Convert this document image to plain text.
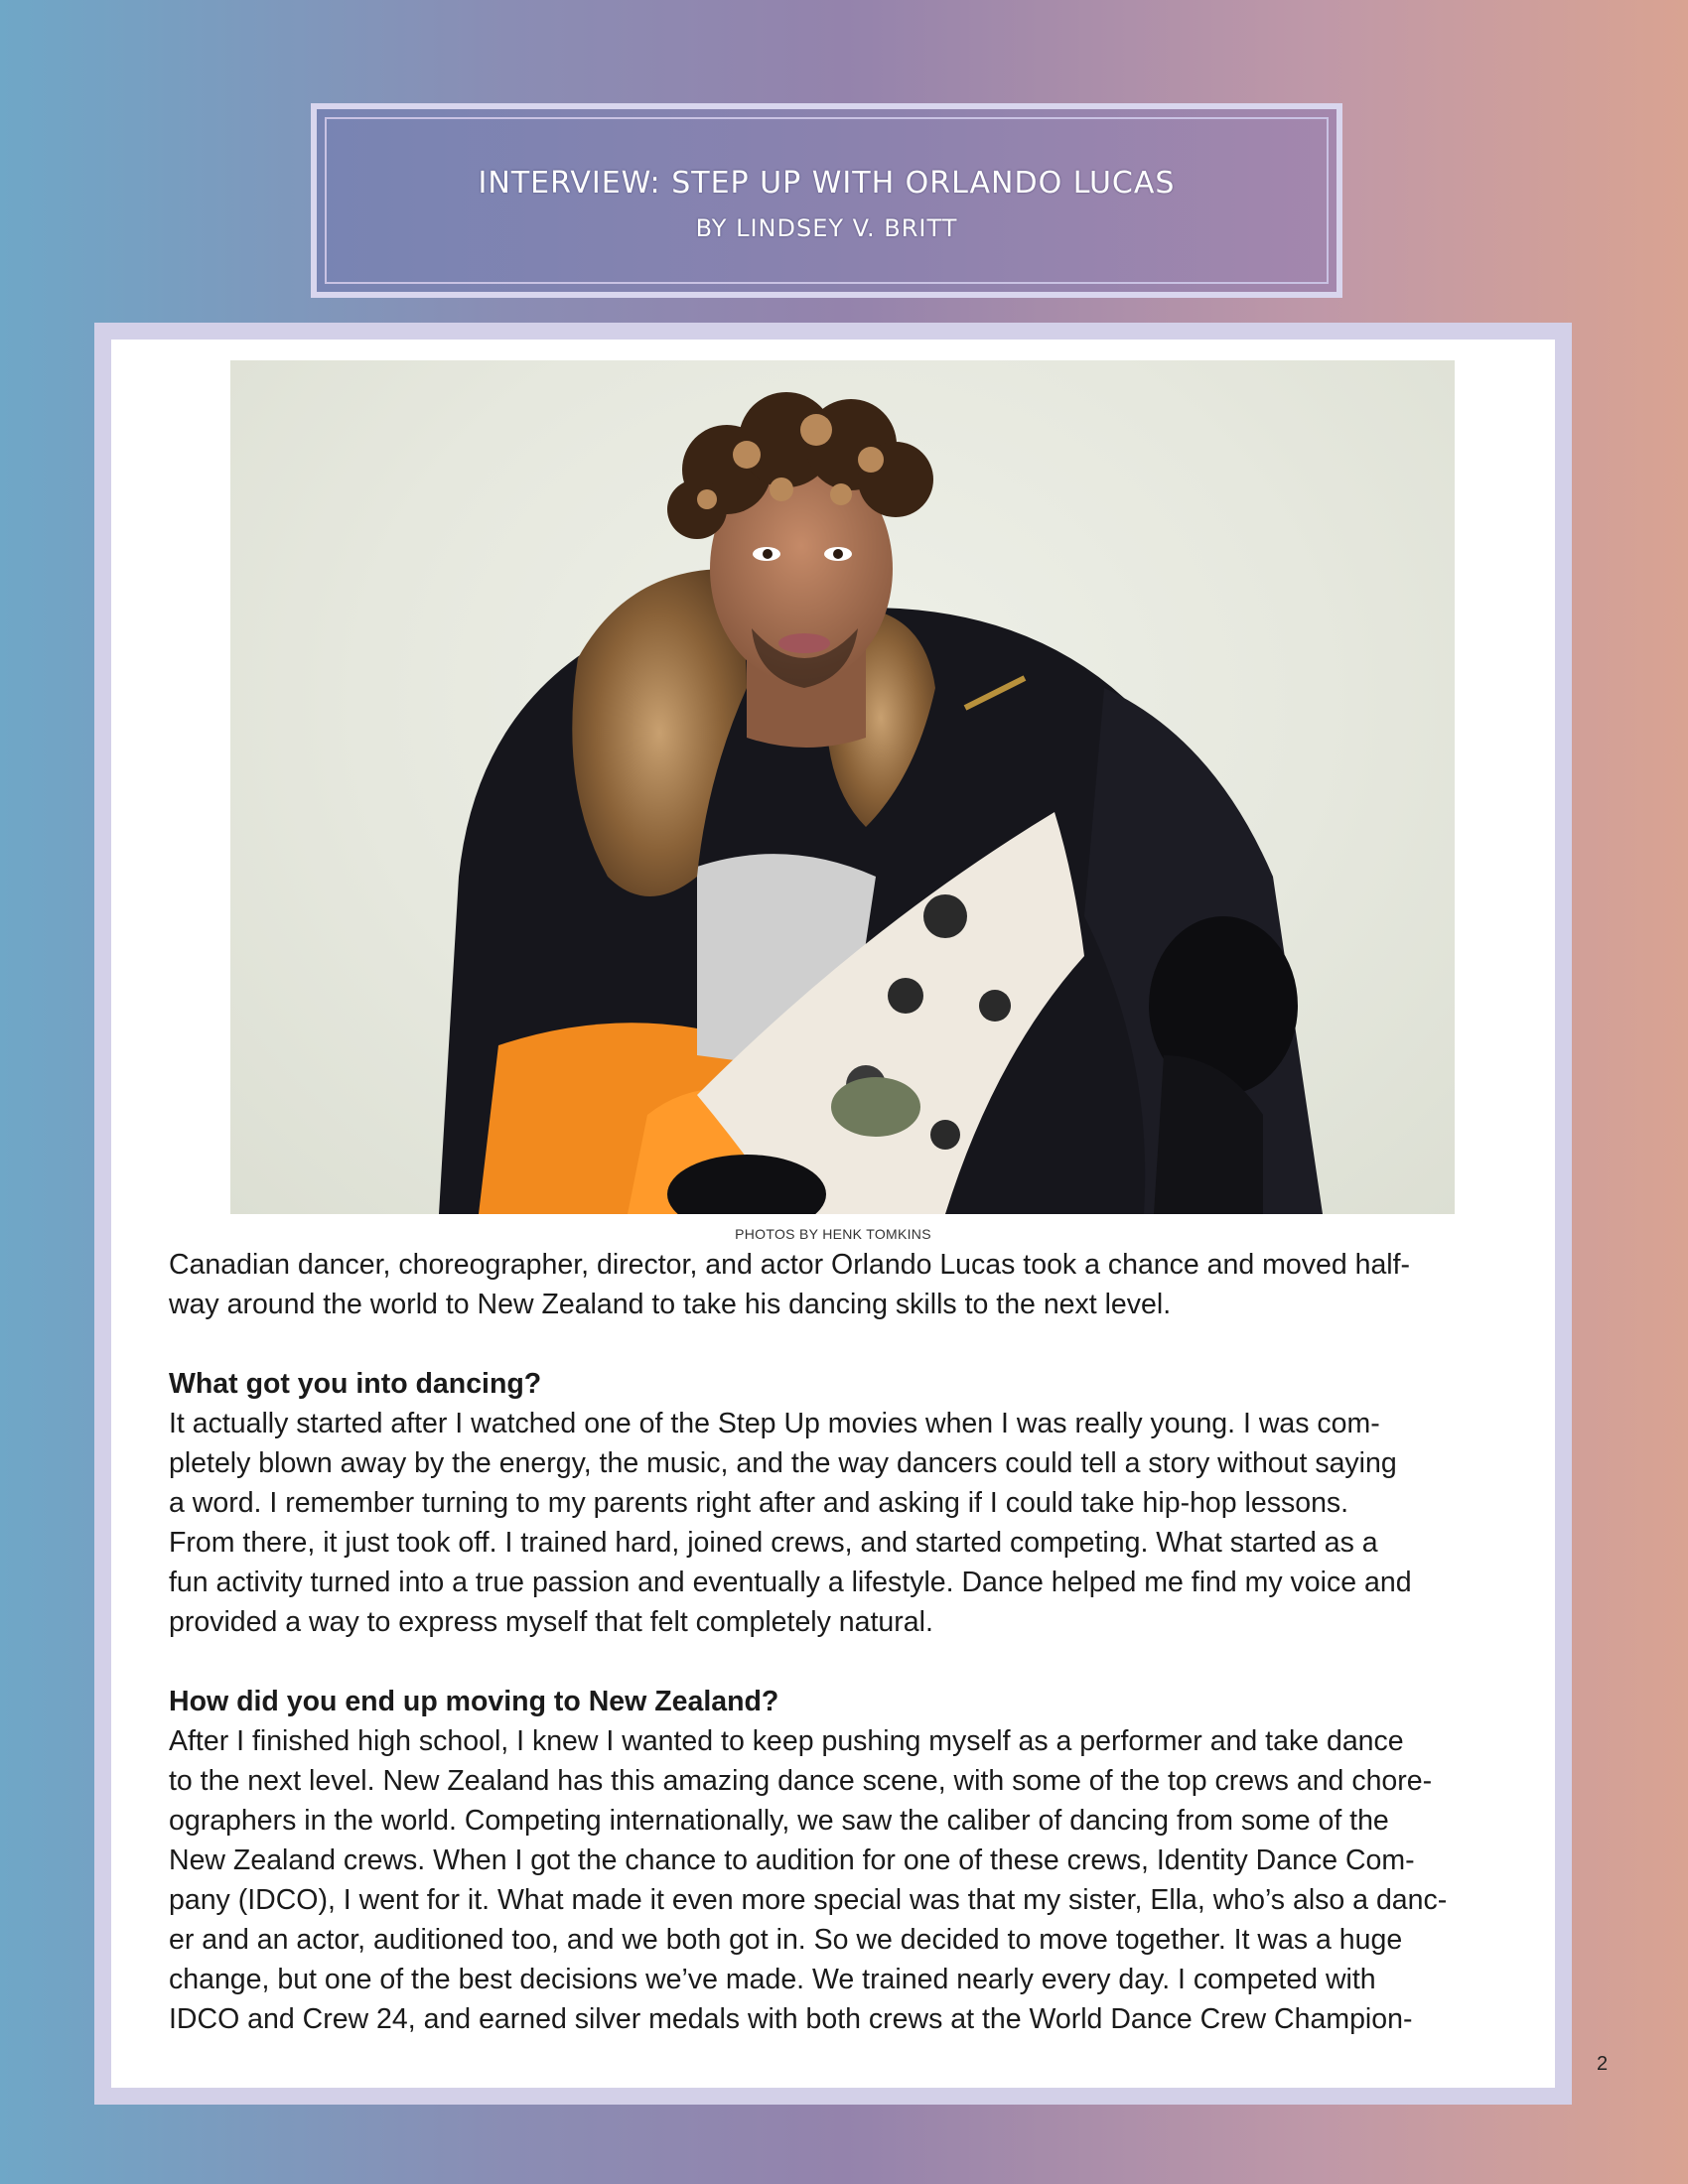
INTERVIEW: STEP UP WITH ORLANDO LUCAS
BY LINDSEY V. BRITT
PHOTOS BY HENK TOMKINS

Canadian dancer, choreographer, director, and actor Orlando Lucas took a chance and moved half-

way around the world to New Zealand to take his dancing skills to the next level.

What got you into dancing?

It actually started after I watched one of the Step Up movies when I was really young. I was com-

pletely blown away by the energy, the music, and the way dancers could tell a story without saying

a word. I remember turning to my parents right after and asking if I could take hip-hop lessons.

From there, it just took off. I trained hard, joined crews, and started competing. What started as a

fun activity turned into a true passion and eventually a lifestyle. Dance helped me find my voice and

provided a way to express myself that felt completely natural.

How did you end up moving to New Zealand?

After I finished high school, I knew I wanted to keep pushing myself as a performer and take dance

to the next level. New Zealand has this amazing dance scene, with some of the top crews and chore-

ographers in the world. Competing internationally, we saw the caliber of dancing from some of the

New Zealand crews. When I got the chance to audition for one of these crews, Identity Dance Com-

pany (IDCO), I went for it. What made it even more special was that my sister, Ella, who’s also a danc-

er and an actor, auditioned too, and we both got in. So we decided to move together. It was a huge

change, but one of the best decisions we’ve made. We trained nearly every day. I competed with

IDCO and Crew 24, and earned silver medals with both crews at the World Dance Crew Champion-

2
